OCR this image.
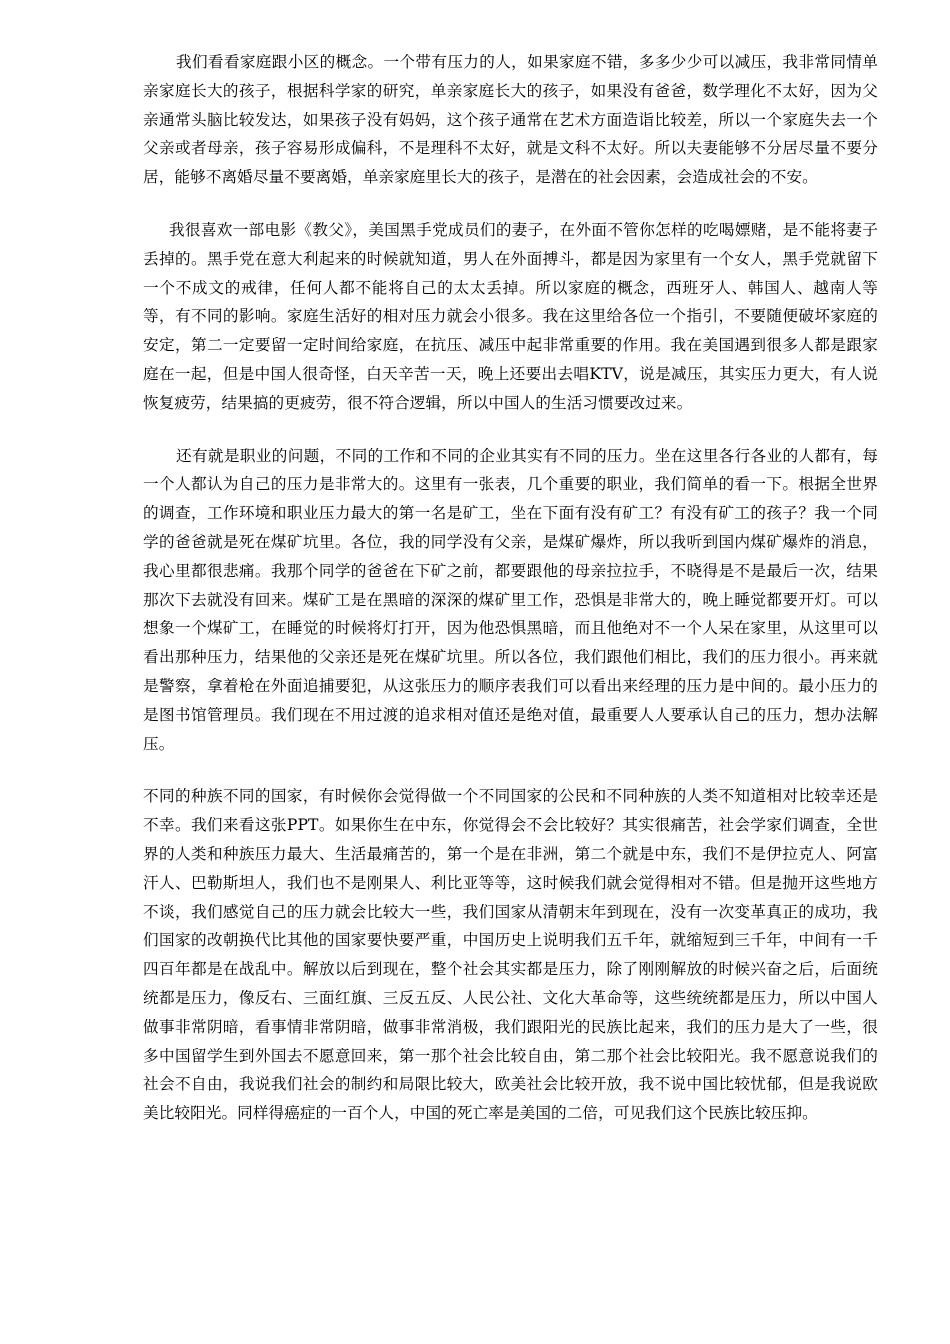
我们看看家庭跟小区的概念。一个带有压力的人，如果家庭不错，多多少少可以减压，我非常同情单亲家庭长大的孩子，根据科学家的研究，单亲家庭长大的孩子，如果没有爸爸，数学理化不太好，因为父亲通常头脑比较发达，如果孩子没有妈妈，这个孩子通常在艺术方面造诣比较差，所以一个家庭失去一个父亲或者母亲，孩子容易形成偏科，不是理科不太好，就是文科不太好。所以夫妻能够不分居尽量不要分居，能够不离婚尽量不要离婚，单亲家庭里长大的孩子，是潜在的社会因素，会造成社会的不安。

我很喜欢一部电影《教父》，美国黑手党成员们的妻子，在外面不管你怎样的吃喝嫖赌，是不能将妻子丢掉的。黑手党在意大利起来的时候就知道，男人在外面搏斗，都是因为家里有一个女人，黑手党就留下一个不成文的戒律，任何人都不能将自己的太太丢掉。所以家庭的概念，西班牙人、韩国人、越南人等等，有不同的影响。家庭生活好的相对压力就会小很多。我在这里给各位一个指引，不要随便破坏家庭的安定，第二一定要留一定时间给家庭，在抗压、减压中起非常重要的作用。我在美国遇到很多人都是跟家庭在一起，但是中国人很奇怪，白天辛苦一天，晚上还要出去唱KTV，说是减压，其实压力更大，有人说恢复疲劳，结果搞的更疲劳，很不符合逻辑，所以中国人的生活习惯要改过来。

还有就是职业的问题，不同的工作和不同的企业其实有不同的压力。坐在这里各行各业的人都有，每一个人都认为自己的压力是非常大的。这里有一张表，几个重要的职业，我们简单的看一下。根据全世界的调查，工作环境和职业压力最大的第一名是矿工，坐在下面有没有矿工？有没有矿工的孩子？我一个同学的爸爸就是死在煤矿坑里。各位，我的同学没有父亲，是煤矿爆炸，所以我听到国内煤矿爆炸的消息，我心里都很悲痛。我那个同学的爸爸在下矿之前，都要跟他的母亲拉拉手，不晓得是不是最后一次，结果那次下去就没有回来。煤矿工是在黑暗的深深的煤矿里工作，恐惧是非常大的，晚上睡觉都要开灯。可以想象一个煤矿工，在睡觉的时候将灯打开，因为他恐惧黑暗，而且他绝对不一个人呆在家里，从这里可以看出那种压力，结果他的父亲还是死在煤矿坑里。所以各位，我们跟他们相比，我们的压力很小。再来就是警察，拿着枪在外面追捕要犯，从这张压力的顺序表我们可以看出来经理的压力是中间的。最小压力的是图书馆管理员。我们现在不用过渡的追求相对值还是绝对值，最重要人人要承认自己的压力，想办法解压。

不同的种族不同的国家，有时候你会觉得做一个不同国家的公民和不同种族的人类不知道相对比较幸还是不幸。我们来看这张PPT。如果你生在中东，你觉得会不会比较好？其实很痛苦，社会学家们调查，全世界的人类和种族压力最大、生活最痛苦的，第一个是在非洲，第二个就是中东，我们不是伊拉克人、阿富汗人、巴勒斯坦人，我们也不是刚果人、利比亚等等，这时候我们就会觉得相对不错。但是抛开这些地方不谈，我们感觉自己的压力就会比较大一些，我们国家从清朝末年到现在，没有一次变革真正的成功，我们国家的改朝换代比其他的国家要快要严重，中国历史上说明我们五千年，就缩短到三千年，中间有一千四百年都是在战乱中。解放以后到现在，整个社会其实都是压力，除了刚刚解放的时候兴奋之后，后面统统都是压力，像反右、三面红旗、三反五反、人民公社、文化大革命等，这些统统都是压力，所以中国人做事非常阴暗，看事情非常阴暗，做事非常消极，我们跟阳光的民族比起来，我们的压力是大了一些，很多中国留学生到外国去不愿意回来，第一那个社会比较自由，第二那个社会比较阳光。我不愿意说我们的社会不自由，我说我们社会的制约和局限比较大，欧美社会比较开放，我不说中国比较忧郁，但是我说欧美比较阳光。同样得癌症的一百个人，中国的死亡率是美国的二倍，可见我们这个民族比较压抑。
